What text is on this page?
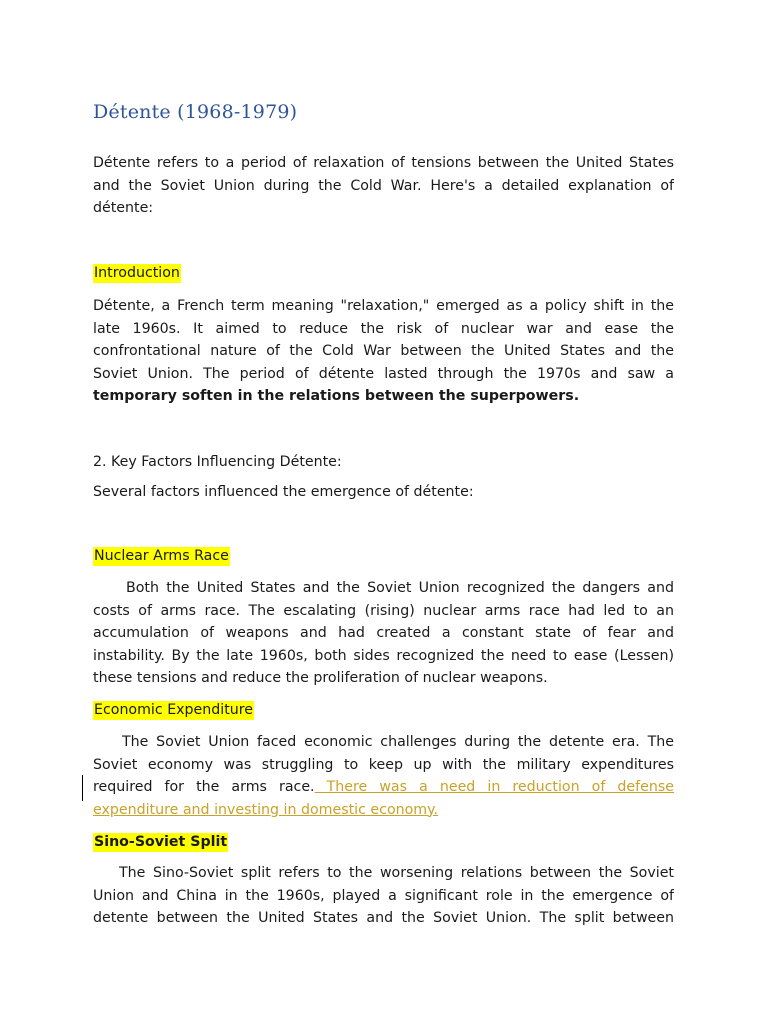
Détente (1968-1979)
Détente refers to a period of relaxation of tensions between the United States
and the Soviet Union during the Cold War. Here's a detailed explanation of
détente:
Introduction
Détente, a French term meaning "relaxation," emerged as a policy shift in the
late 1960s. It aimed to reduce the risk of nuclear war and ease the
confrontational nature of the Cold War between the United States and the
Soviet Union. The period of détente lasted through the 1970s and saw a
temporary soften in the relations between the superpowers.
2. Key Factors Influencing Détente:
Several factors influenced the emergence of détente:
Nuclear Arms Race
Both the United States and the Soviet Union recognized the dangers and
costs of arms race. The escalating (rising) nuclear arms race had led to an
accumulation of weapons and had created a constant state of fear and
instability. By the late 1960s, both sides recognized the need to ease (Lessen)
these tensions and reduce the proliferation of nuclear weapons.
Economic Expenditure
The Soviet Union faced economic challenges during the detente era. The
Soviet economy was struggling to keep up with the military expenditures
required for the arms race. There was a need in reduction of defense
expenditure and investing in domestic economy.
Sino-Soviet Split
The Sino-Soviet split refers to the worsening relations between the Soviet
Union and China in the 1960s, played a significant role in the emergence of
detente between the United States and the Soviet Union. The split between
